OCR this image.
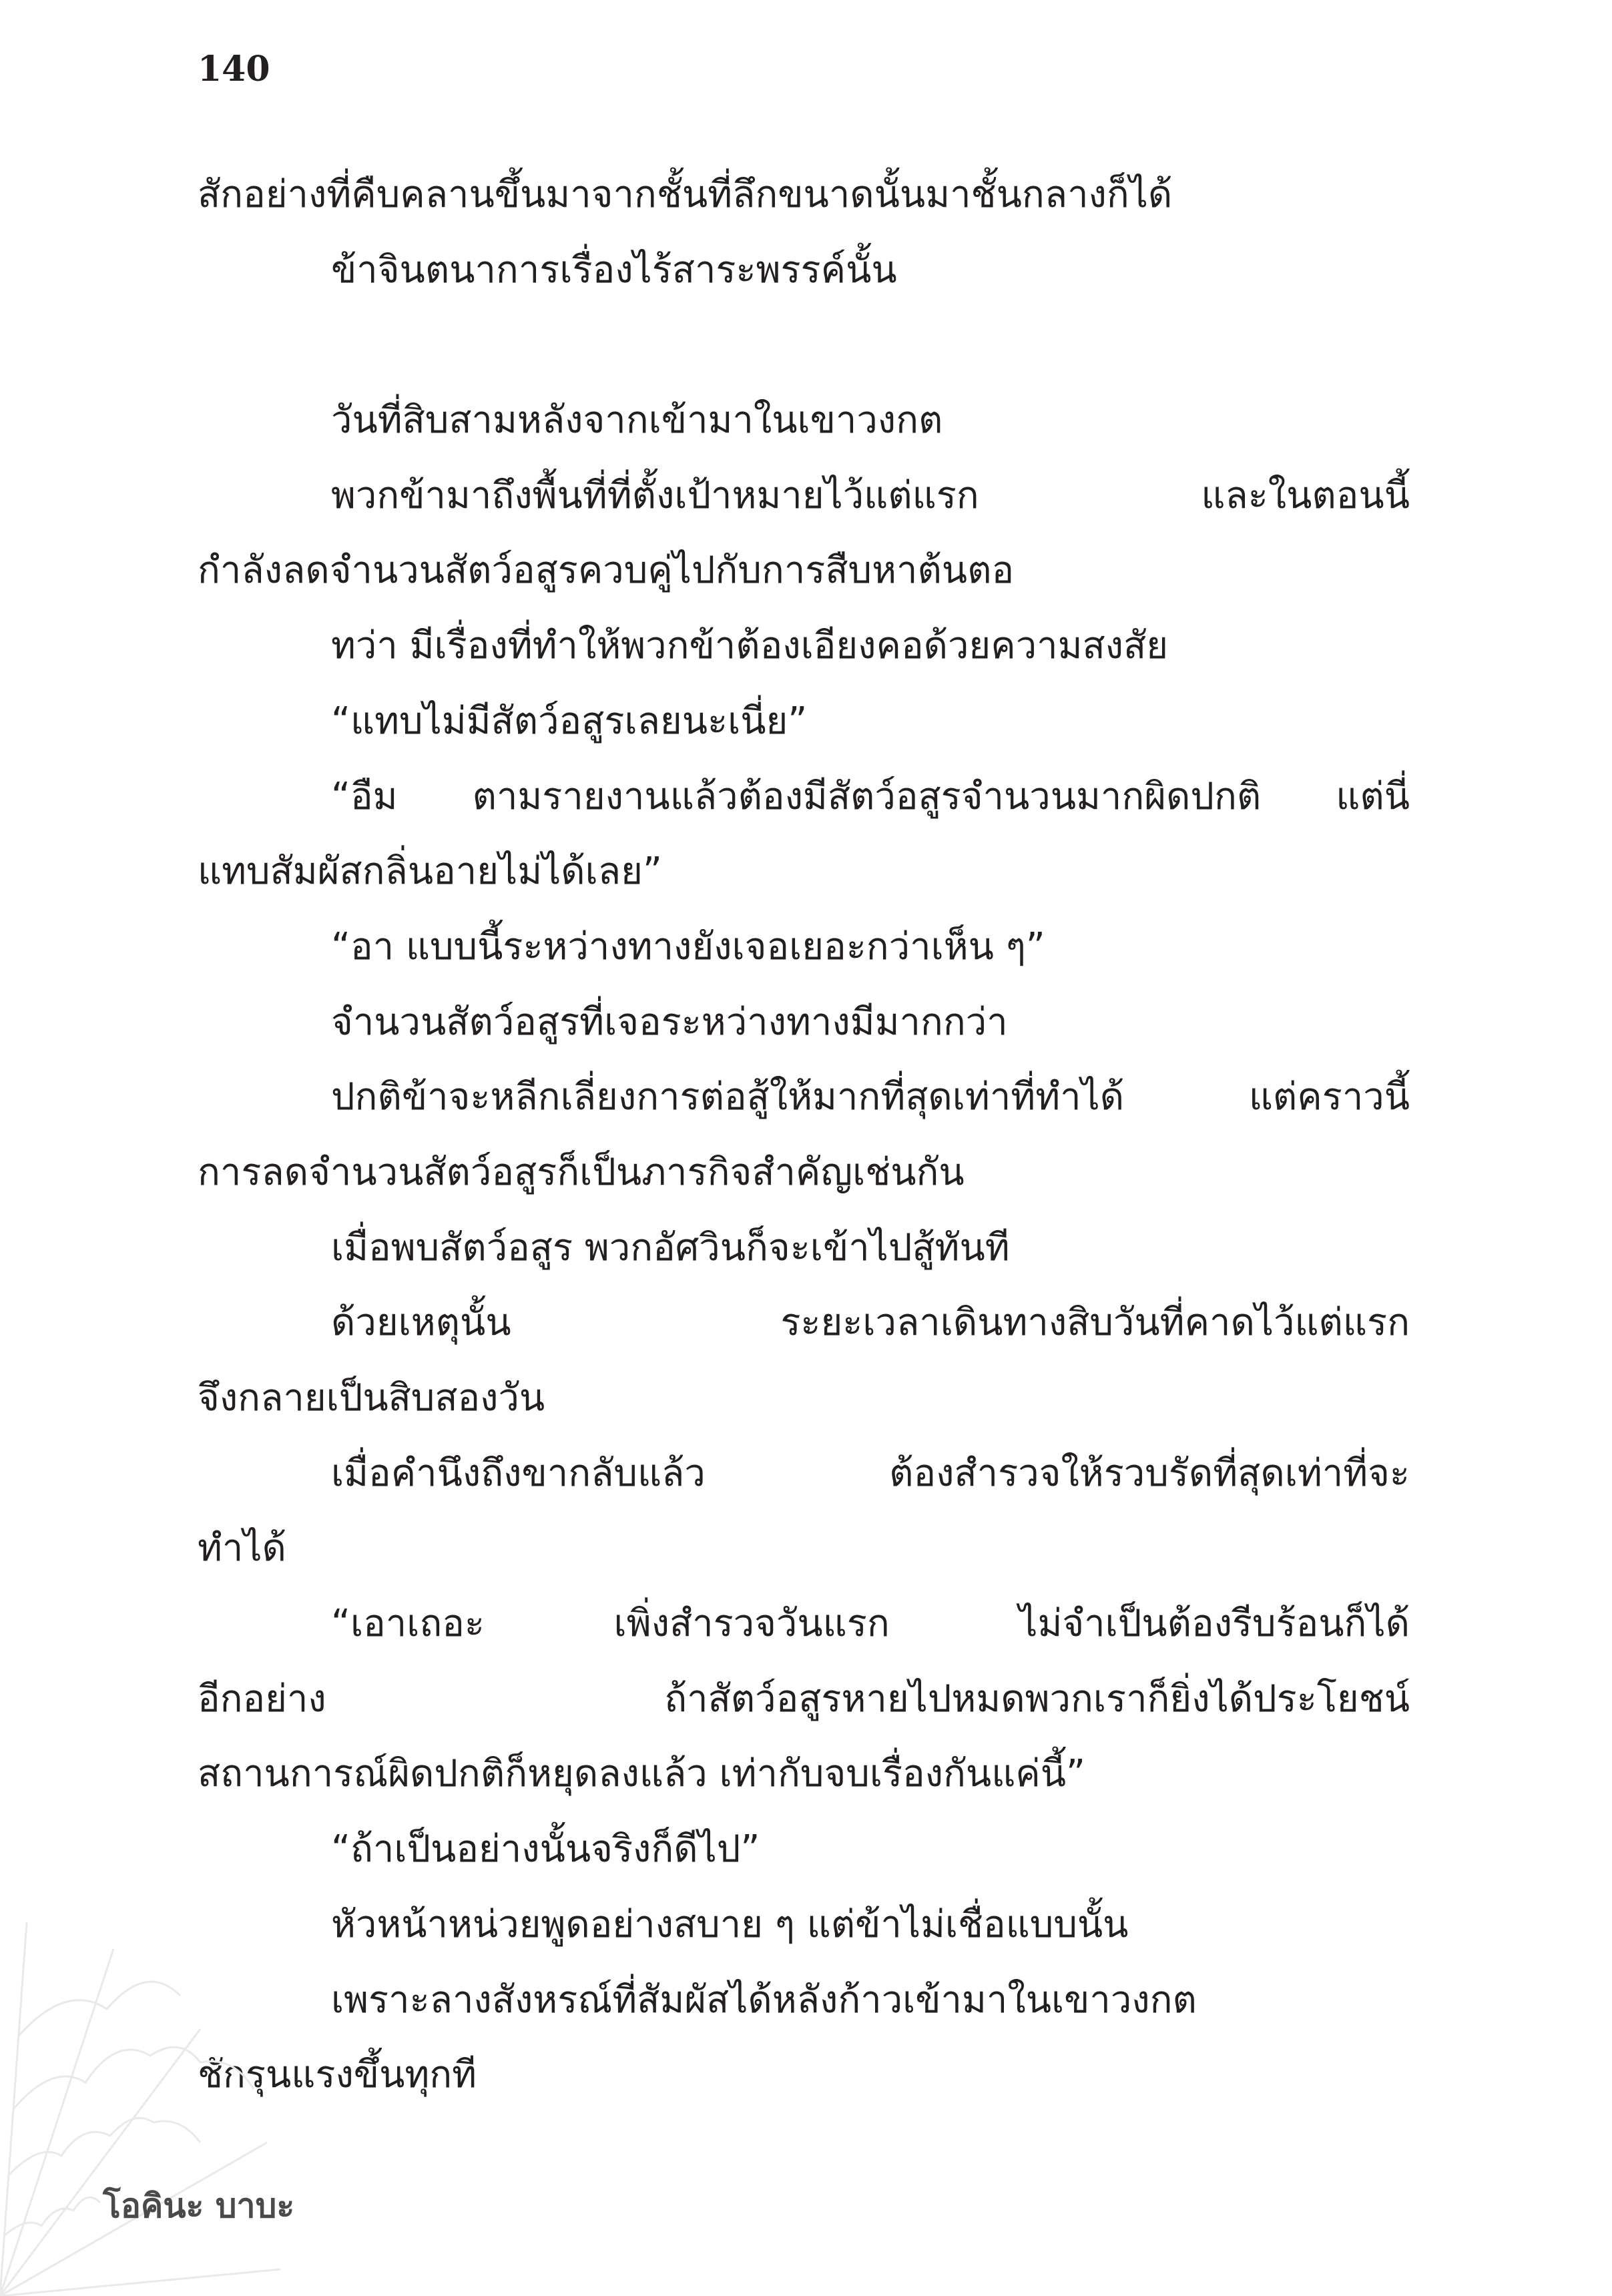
140
สักอย่างที่คืบคลานขึ้นมาจากชั้นที่ลึกขนาดนั้นมาชั้นกลางก็ได้
ข้าจินตนาการเรื่องไร้สาระพรรค์นั้น
วันที่สิบสามหลังจากเข้ามาในเขาวงกต
พวกข้ามาถึงพื้นที่ที่ตั้งเป้าหมายไว้แต่แรก และในตอนนี้
กำลังลดจำนวนสัตว์อสูรควบคู่ไปกับการสืบหาต้นตอ
ทว่า มีเรื่องที่ทำให้พวกข้าต้องเอียงคอด้วยความสงสัย
“แทบไม่มีสัตว์อสูรเลยนะเนี่ย”
“อืม ตามรายงานแล้วต้องมีสัตว์อสูรจำนวนมากผิดปกติ แต่นี่
แทบสัมผัสกลิ่นอายไม่ได้เลย”
“อา แบบนี้ระหว่างทางยังเจอเยอะกว่าเห็น ๆ”
จำนวนสัตว์อสูรที่เจอระหว่างทางมีมากกว่า
ปกติข้าจะหลีกเลี่ยงการต่อสู้ให้มากที่สุดเท่าที่ทำได้ แต่คราวนี้
การลดจำนวนสัตว์อสูรก็เป็นภารกิจสำคัญเช่นกัน
เมื่อพบสัตว์อสูร พวกอัศวินก็จะเข้าไปสู้ทันที
ด้วยเหตุนั้น ระยะเวลาเดินทางสิบวันที่คาดไว้แต่แรก
จึงกลายเป็นสิบสองวัน
เมื่อคำนึงถึงขากลับแล้ว ต้องสำรวจให้รวบรัดที่สุดเท่าที่จะ
ทำได้
“เอาเถอะ เพิ่งสำรวจวันแรก ไม่จำเป็นต้องรีบร้อนก็ได้
อีกอย่าง ถ้าสัตว์อสูรหายไปหมดพวกเราก็ยิ่งได้ประโยชน์
สถานการณ์ผิดปกติก็หยุดลงแล้ว เท่ากับจบเรื่องกันแค่นี้”
“ถ้าเป็นอย่างนั้นจริงก็ดีไป”
หัวหน้าหน่วยพูดอย่างสบาย ๆ แต่ข้าไม่เชื่อแบบนั้น
เพราะลางสังหรณ์ที่สัมผัสได้หลังก้าวเข้ามาในเขาวงกต
ชักรุนแรงขึ้นทุกที
โอคินะ บาบะ
